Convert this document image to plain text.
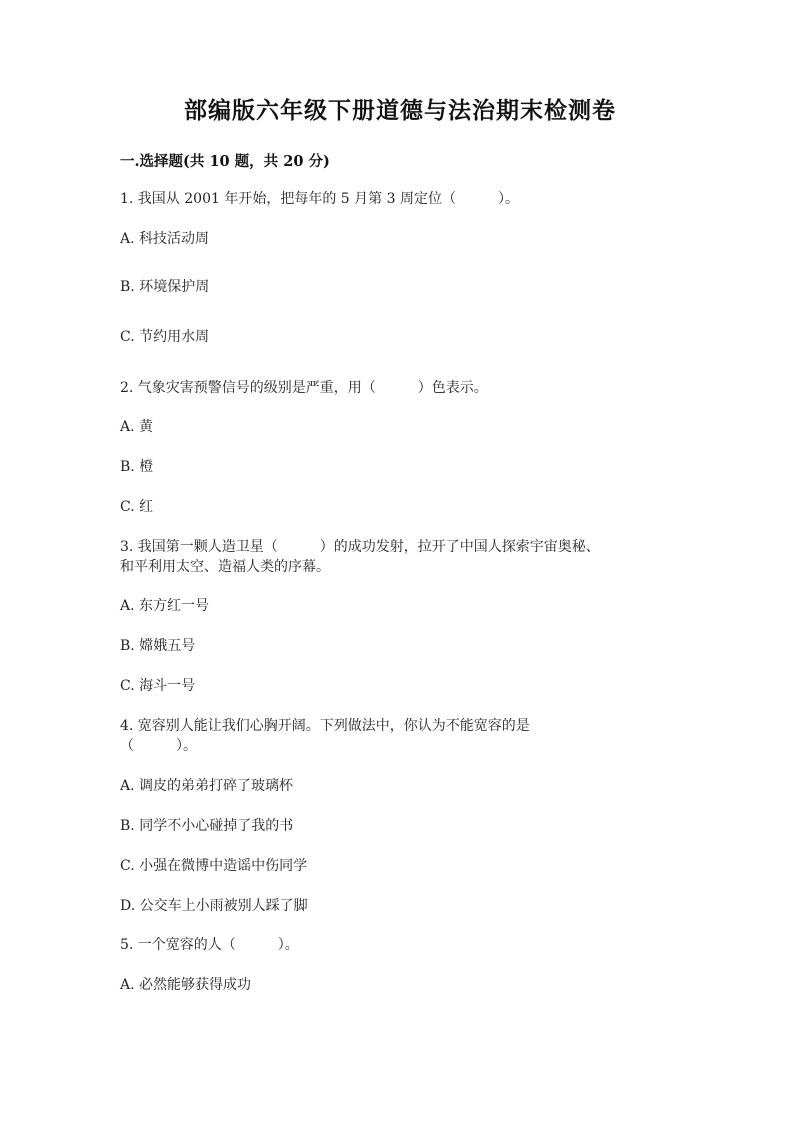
部编版六年级下册道德与法治期末检测卷
一.选择题(共 10 题，共 20 分)
1. 我国从 2001 年开始，把每年的 5 月第 3 周定位（　　　）。
A. 科技活动周
B. 环境保护周
C. 节约用水周
2. 气象灾害预警信号的级别是严重，用（　　　）色表示。
A. 黄
B. 橙
C. 红
3. 我国第一颗人造卫星（　　　）的成功发射，拉开了中国人探索宇宙奥秘、
和平利用太空、造福人类的序幕。
A. 东方红一号
B. 嫦娥五号
C. 海斗一号
4. 宽容别人能让我们心胸开阔。下列做法中，你认为不能宽容的是
（　　　）。
A. 调皮的弟弟打碎了玻璃杯
B. 同学不小心碰掉了我的书
C. 小强在微博中造谣中伤同学
D. 公交车上小雨被别人踩了脚
5. 一个宽容的人（　　　）。
A. 必然能够获得成功
